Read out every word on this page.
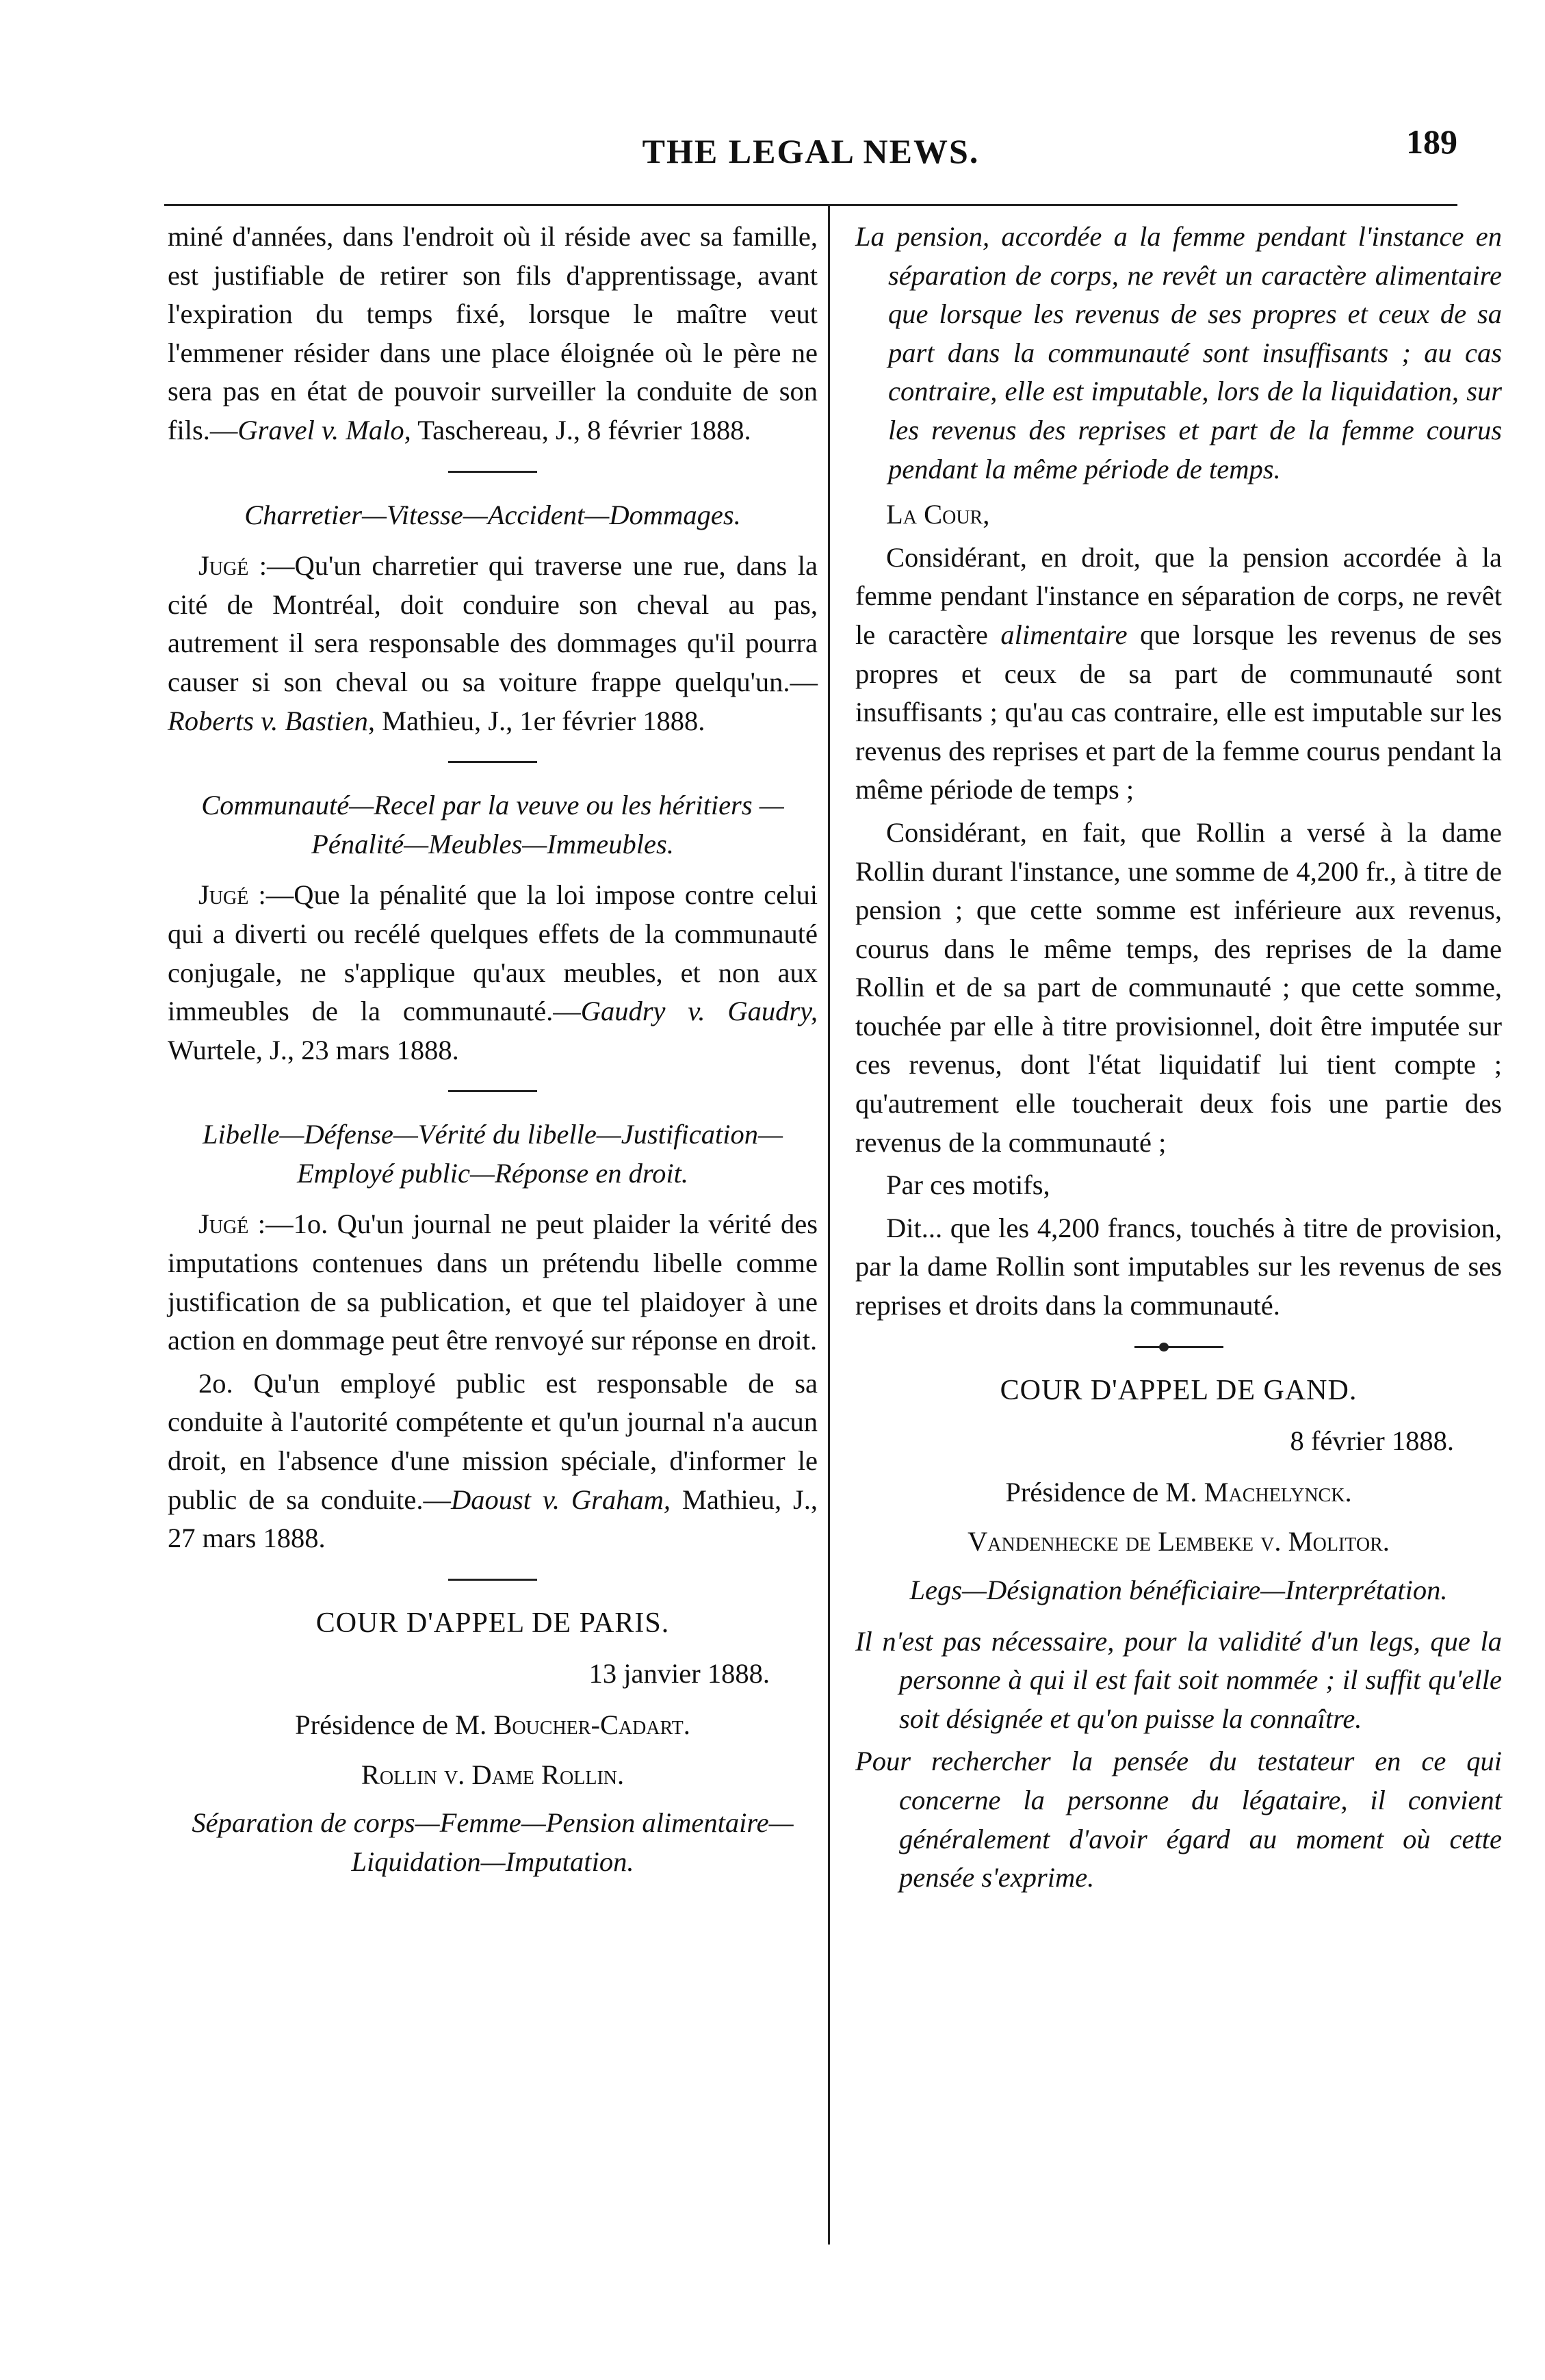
THE LEGAL NEWS.	189

miné d'années, dans l'endroit où il réside avec sa famille, est justifiable de retirer son fils d'apprentissage, avant l'expiration du temps fixé, lorsque le maître veut l'emmener résider dans une place éloignée où le père ne sera pas en état de pouvoir surveiller la conduite de son fils.—Gravel v. Malo, Taschereau, J., 8 février 1888.

Charretier—Vitesse—Accident—Dommages.

Jugé :—Qu'un charretier qui traverse une rue, dans la cité de Montréal, doit conduire son cheval au pas, autrement il sera responsable des dommages qu'il pourra causer si son cheval ou sa voiture frappe quelqu'un.—Roberts v. Bastien, Mathieu, J., 1er février 1888.

Communauté—Recel par la veuve ou les héritiers —Pénalité—Meubles—Immeubles.

Jugé :—Que la pénalité que la loi impose contre celui qui a diverti ou recélé quelques effets de la communauté conjugale, ne s'applique qu'aux meubles, et non aux immeubles de la communauté.—Gaudry v. Gaudry, Wurtele, J., 23 mars 1888.

Libelle—Défense—Vérité du libelle—Justification—Employé public—Réponse en droit.

Jugé :—1o. Qu'un journal ne peut plaider la vérité des imputations contenues dans un prétendu libelle comme justification de sa publication, et que tel plaidoyer à une action en dommage peut être renvoyé sur réponse en droit.

2o. Qu'un employé public est responsable de sa conduite à l'autorité compétente et qu'un journal n'a aucun droit, en l'absence d'une mission spéciale, d'informer le public de sa conduite.—Daoust v. Graham, Mathieu, J., 27 mars 1888.

COUR D'APPEL DE PARIS.

13 janvier 1888.

Présidence de M. Boucher-Cadart.

Rollin v. Dame Rollin.

Séparation de corps—Femme—Pension alimentaire—Liquidation—Imputation.

La pension, accordée a la femme pendant l'instance en séparation de corps, ne revêt un caractère alimentaire que lorsque les revenus de ses propres et ceux de sa part dans la communauté sont insuffisants ; au cas contraire, elle est imputable, lors de la liquidation, sur les revenus des reprises et part de la femme courus pendant la même période de temps.

La Cour,

Considérant, en droit, que la pension accordée à la femme pendant l'instance en séparation de corps, ne revêt le caractère alimentaire que lorsque les revenus de ses propres et ceux de sa part de communauté sont insuffisants ; qu'au cas contraire, elle est imputable sur les revenus des reprises et part de la femme courus pendant la même période de temps ;

Considérant, en fait, que Rollin a versé à la dame Rollin durant l'instance, une somme de 4,200 fr., à titre de pension ; que cette somme est inférieure aux revenus, courus dans le même temps, des reprises de la dame Rollin et de sa part de communauté ; que cette somme, touchée par elle à titre provisionnel, doit être imputée sur ces revenus, dont l'état liquidatif lui tient compte ; qu'autrement elle toucherait deux fois une partie des revenus de la communauté ;

Par ces motifs,

Dit... que les 4,200 francs, touchés à titre de provision, par la dame Rollin sont imputables sur les revenus de ses reprises et droits dans la communauté.

COUR D'APPEL DE GAND.

8 février 1888.

Présidence de M. Machelynck.

Vandenhecke de Lembeke v. Molitor.

Legs—Désignation bénéficiaire—Interprétation.

Il n'est pas nécessaire, pour la validité d'un legs, que la personne à qui il est fait soit nommée ; il suffit qu'elle soit désignée et qu'on puisse la connaître.

Pour rechercher la pensée du testateur en ce qui concerne la personne du légataire, il convient généralement d'avoir égard au moment où cette pensée s'exprime.
